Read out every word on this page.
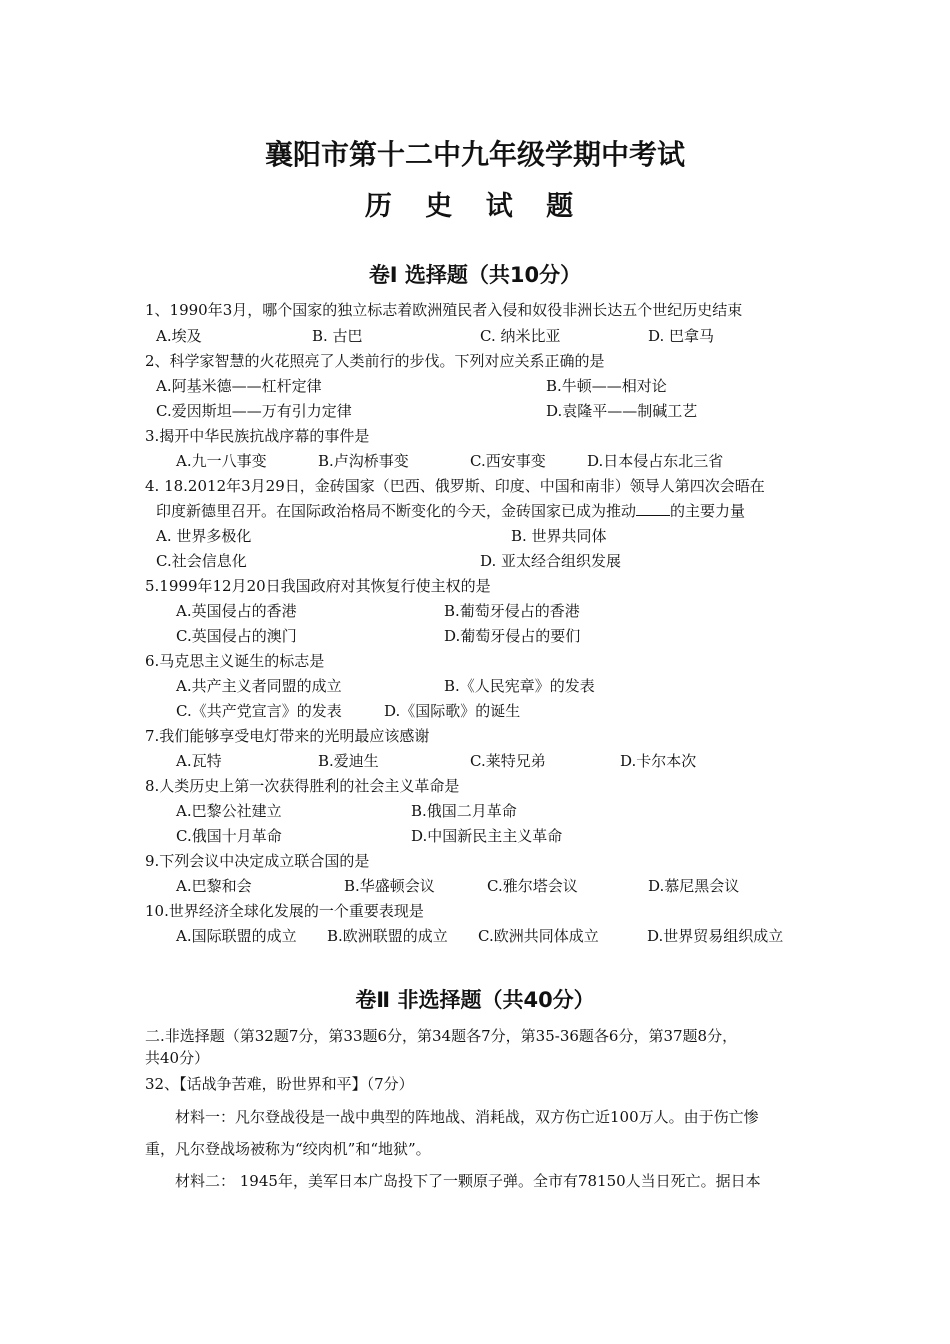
襄阳市第十二中九年级学期中考试
历 史 试 题
卷I 选择题（共10分）
1、1990年3月，哪个国家的独立标志着欧洲殖民者入侵和奴役非洲长达五个世纪历史结束
A.埃及	B. 古巴	C. 纳米比亚	D. 巴拿马
2、科学家智慧的火花照亮了人类前行的步伐。下列对应关系正确的是
A.阿基米德——杠杆定律	B.牛顿——相对论
C.爱因斯坦——万有引力定律	D.袁隆平——制碱工艺
3.揭开中华民族抗战序幕的事件是
A.九一八事变	B.卢沟桥事变	C.西安事变	D.日本侵占东北三省
4. 18.2012年3月29日，金砖国家（巴西、俄罗斯、印度、中国和南非）领导人第四次会晤在
印度新德里召开。在国际政治格局不断变化的今天，金砖国家已成为推动 的主要力量
A. 世界多极化	B. 世界共同体
C.社会信息化	D. 亚太经合组织发展
5.1999年12月20日我国政府对其恢复行使主权的是
A.英国侵占的香港	B.葡萄牙侵占的香港
C.英国侵占的澳门	D.葡萄牙侵占的要们
6.马克思主义诞生的标志是
A.共产主义者同盟的成立	B.《人民宪章》的发表
C.《共产党宣言》的发表	D.《国际歌》的诞生
7.我们能够享受电灯带来的光明最应该感谢
A.瓦特	B.爱迪生	C.莱特兄弟	D.卡尔本次
8.人类历史上第一次获得胜利的社会主义革命是
A.巴黎公社建立	B.俄国二月革命
C.俄国十月革命	D.中国新民主主义革命
9.下列会议中决定成立联合国的是
A.巴黎和会	B.华盛顿会议	C.雅尔塔会议	D.慕尼黑会议
10.世界经济全球化发展的一个重要表现是
A.国际联盟的成立 B.欧洲联盟的成立 C.欧洲共同体成立	D.世界贸易组织成立
卷Ⅱ 非选择题（共40分）
二.非选择题（第32题7分，第33题6分，第34题各7分，第35-36题各6分，第37题8分，
共40分）
32、【话战争苦难，盼世界和平】（7分）
材料一：凡尔登战役是一战中典型的阵地战、消耗战，双方伤亡近100万人。由于伤亡惨
重，凡尔登战场被称为“绞肉机”和“地狱”。
材料二： 1945年，美军日本广岛投下了一颗原子弹。全市有78150人当日死亡。据日本
